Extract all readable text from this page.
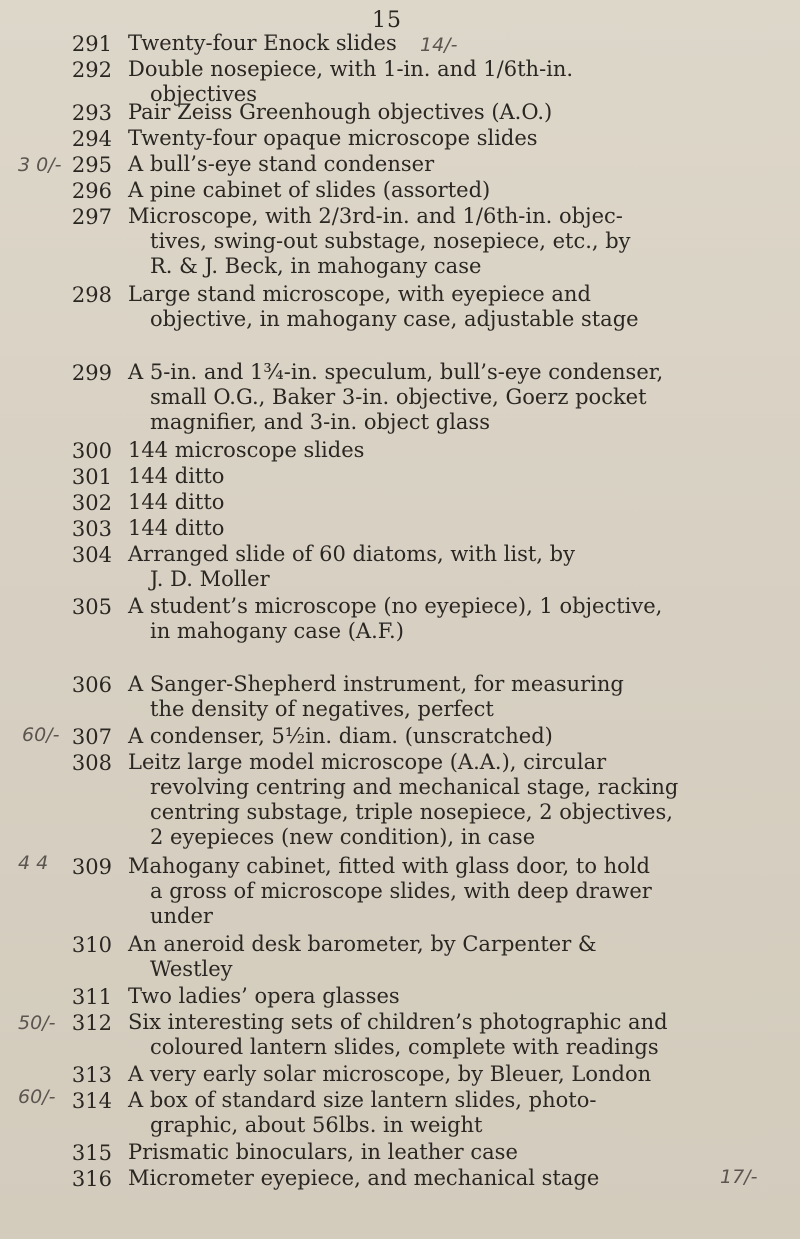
15
291 Twenty-four Enock slides
292 Double nosepiece, with 1-in. and 1/6th-in.
objectives
293 Pair Zeiss Greenhough objectives (A.O.)
294 Twenty-four opaque microscope slides
295 A bull’s-eye stand condenser
296 A pine cabinet of slides (assorted)
297 Microscope, with 2/3rd-in. and 1/6th-in. objec-
tives, swing-out substage, nosepiece, etc., by
R. & J. Beck, in mahogany case
298 Large stand microscope, with eyepiece and
objective, in mahogany case, adjustable stage
299 A 5-in. and 1¾-in. speculum, bull’s-eye condenser,
small O.G., Baker 3-in. objective, Goerz pocket
magnifier, and 3-in. object glass
300 144 microscope slides
301 144 ditto
302 144 ditto
303 144 ditto
304 Arranged slide of 60 diatoms, with list, by
J. D. Moller
305 A student’s microscope (no eyepiece), 1 objective,
in mahogany case (A.F.)
306 A Sanger-Shepherd instrument, for measuring
the density of negatives, perfect
307 A condenser, 5½in. diam. (unscratched)
308 Leitz large model microscope (A.A.), circular
revolving centring and mechanical stage, racking
centring substage, triple nosepiece, 2 objectives,
2 eyepieces (new condition), in case
309 Mahogany cabinet, fitted with glass door, to hold
a gross of microscope slides, with deep drawer
under
310 An aneroid desk barometer, by Carpenter &
Westley
311 Two ladies’ opera glasses
312 Six interesting sets of children’s photographic and
coloured lantern slides, complete with readings
313 A very early solar microscope, by Bleuer, London
314 A box of standard size lantern slides, photo-
graphic, about 56lbs. in weight
315 Prismatic binoculars, in leather case
316 Micrometer eyepiece, and mechanical stage
14/-
3 0/-
60/-
4 4
50/-
60/-
17/-
